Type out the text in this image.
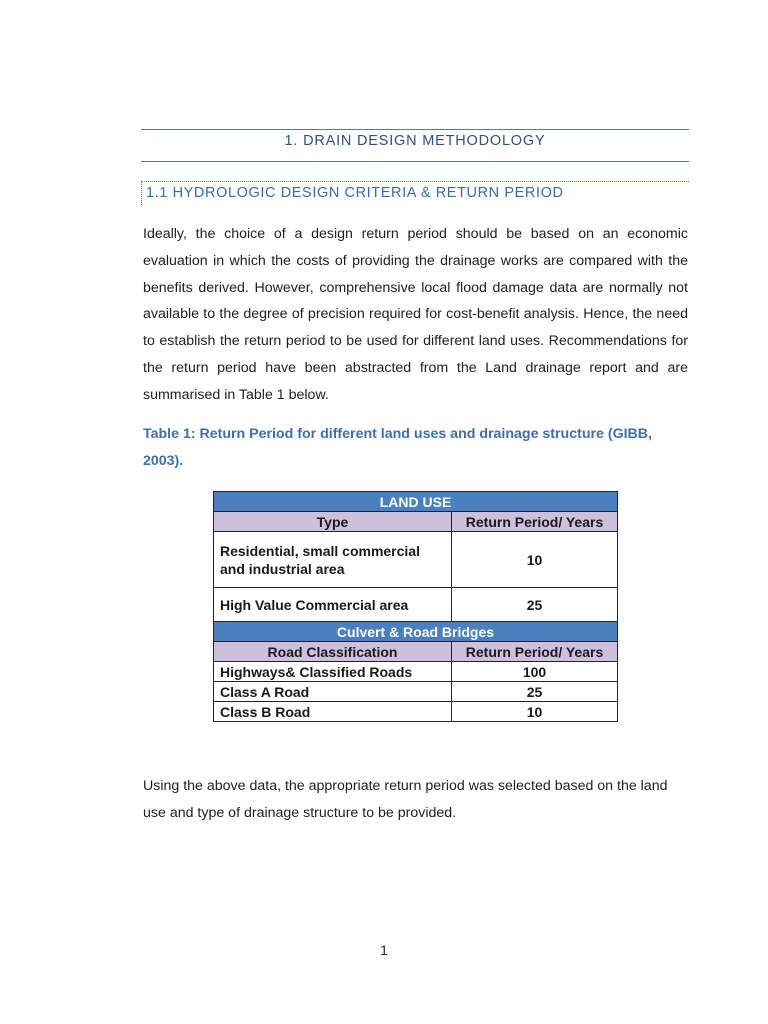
1. DRAIN DESIGN METHODOLOGY
1.1 HYDROLOGIC DESIGN CRITERIA & RETURN PERIOD
Ideally, the choice of a design return period should be based on an economic evaluation in which the costs of providing the drainage works are compared with the benefits derived. However, comprehensive local flood damage data are normally not available to the degree of precision required for cost-benefit analysis. Hence, the need to establish the return period to be used for different land uses. Recommendations for the return period have been abstracted from the Land drainage report and are summarised in Table 1 below.
Table 1: Return Period for different land uses and drainage structure (GIBB, 2003).
LAND USE	
Type	Return Period/ Years
Residential, small commercial and industrial area	10
High Value Commercial area	25
Culvert & Road Bridges	
Road Classification	Return Period/ Years
Highways& Classified Roads	100
Class A Road	25
Class B Road	10
Using the above data, the appropriate return period was selected based on the land use and type of drainage structure to be provided.
1
